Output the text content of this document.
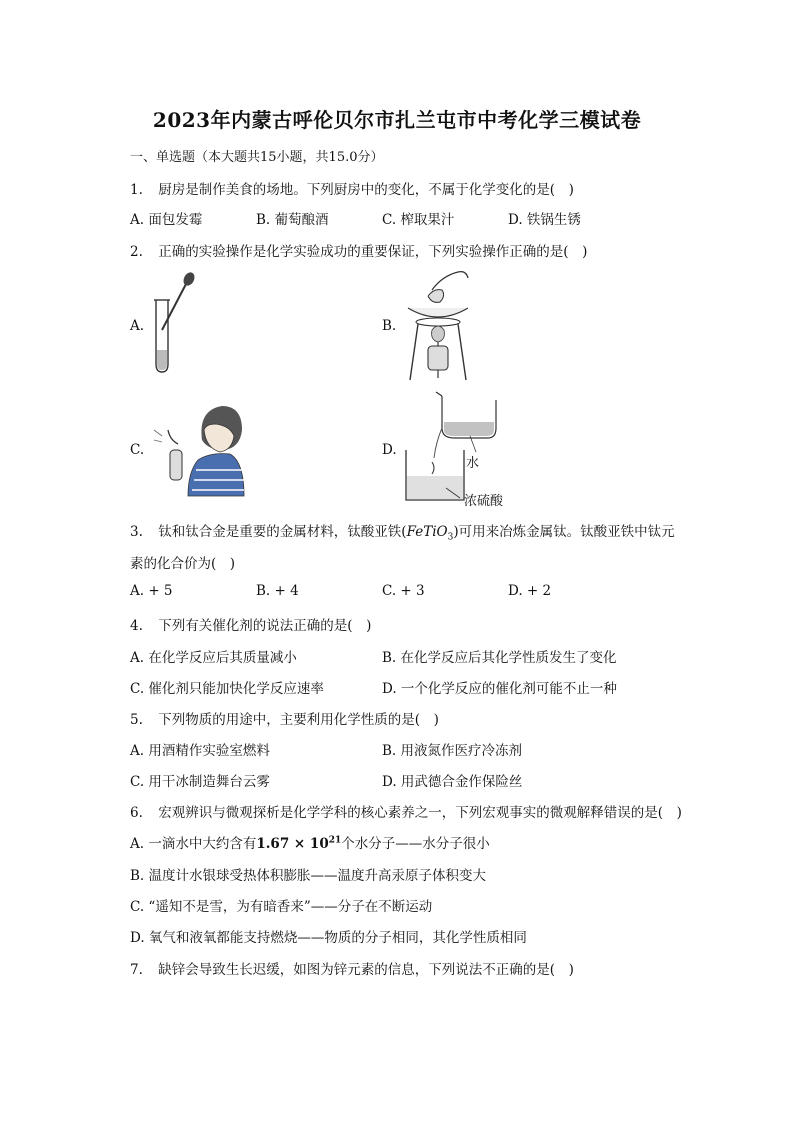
2023年内蒙古呼伦贝尔市扎兰屯市中考化学三模试卷
一、单选题（本大题共15小题，共15.0分）
1. 厨房是制作美食的场地。下列厨房中的变化，不属于化学变化的是(　)
A. 面包发霉	B. 葡萄酿酒	C. 榨取果汁	D. 铁锅生锈
2. 正确的实验操作是化学实验成功的重要保证，下列实验操作正确的是(　)
A.	B.
C.	D.
水
浓硫酸
3. 钛和钛合金是重要的金属材料，钛酸亚铁(FeTiO$_3$)可用来冶炼金属钛。钛酸亚铁中钛元
素的化合价为(　)
A. + 5	B. + 4	C. + 3	D. + 2
4. 下列有关催化剂的说法正确的是(　)
A. 在化学反应后其质量减小	B. 在化学反应后其化学性质发生了变化
C. 催化剂只能加快化学反应速率	D. 一个化学反应的催化剂可能不止一种
5. 下列物质的用途中，主要利用化学性质的是(　)
A. 用酒精作实验室燃料	B. 用液氮作医疗冷冻剂
C. 用干冰制造舞台云雾	D. 用武德合金作保险丝
6. 宏观辨识与微观探析是化学学科的核心素养之一，下列宏观事实的微观解释错误的是(　)
A. 一滴水中大约含有$1.67 \times 10^{21}$个水分子——水分子很小
B. 温度计水银球受热体积膨胀——温度升高汞原子体积变大
C. “遥知不是雪，为有暗香来”——分子在不断运动
D. 氧气和液氧都能支持燃烧——物质的分子相同，其化学性质相同
7. 缺锌会导致生长迟缓，如图为锌元素的信息，下列说法不正确的是(　)
